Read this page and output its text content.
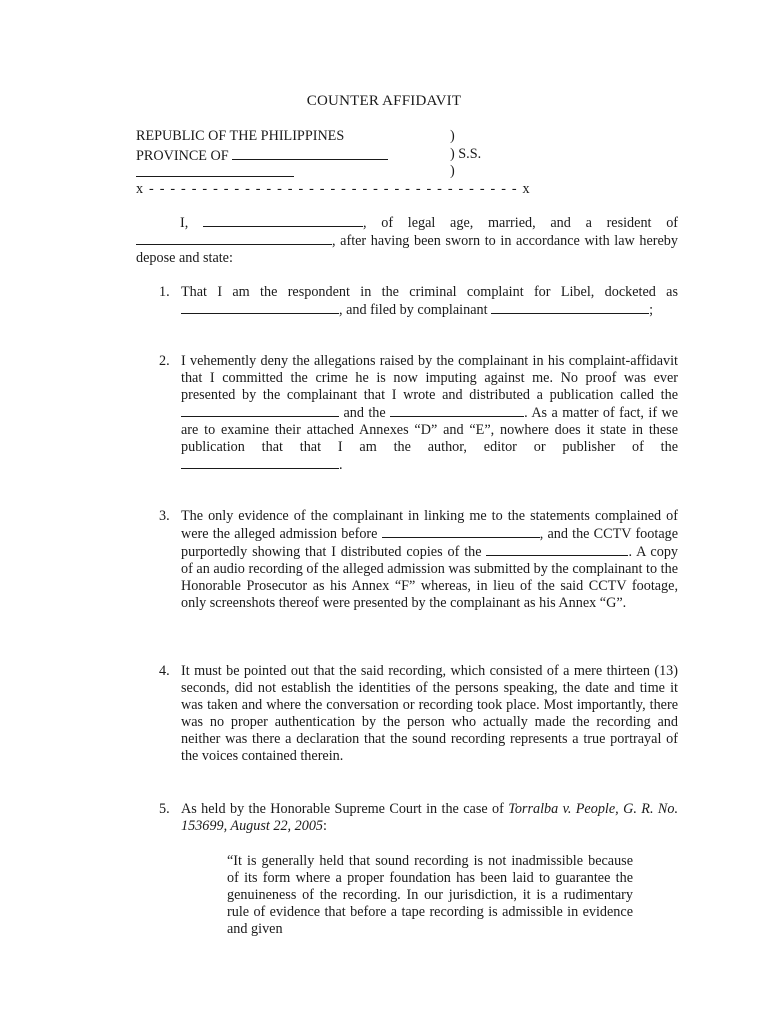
COUNTER AFFIDAVIT
REPUBLIC OF THE PHILIPPINES
PROVINCE OF
)
) S.S.
)
x - - - - - - - - - - - - - - - - - - - - - - - - - - - - - - - - - - - x
I,	, of legal age, married, and a resident of , after having been sworn to in accordance with law hereby depose and state:
1. That I am the respondent in the criminal complaint for Libel, docketed as , and filed by complainant	;
2. I vehemently deny the allegations raised by the complainant in his complaint-affidavit that I committed the crime he is now imputing against me. No proof was ever presented by the complainant that I wrote and distributed a publication called the  and the	. As a matter of fact, if we are to examine their attached Annexes “D” and “E”, nowhere does it state in these publication that that I am the author, editor or publisher of the .
3. The only evidence of the complainant in linking me to the statements complained of were the alleged admission before	, and the CCTV footage purportedly showing that I distributed copies of the	. A copy of an audio recording of the alleged admission was submitted by the complainant to the Honorable Prosecutor as his Annex “F” whereas, in lieu of the said CCTV footage, only screenshots thereof were presented by the complainant as his Annex “G”.
4. It must be pointed out that the said recording, which consisted of a mere thirteen (13) seconds, did not establish the identities of the persons speaking, the date and time it was taken and where the conversation or recording took place. Most importantly, there was no proper authentication by the person who actually made the recording and neither was there a declaration that the sound recording represents a true portrayal of the voices contained therein.
5. As held by the Honorable Supreme Court in the case of Torralba v. People, G. R. No. 153699, August 22, 2005:
“It is generally held that sound recording is not inadmissible because of its form where a proper foundation has been laid to guarantee the genuineness of the recording. In our jurisdiction, it is a rudimentary rule of evidence that before a tape recording is admissible in evidence and given
